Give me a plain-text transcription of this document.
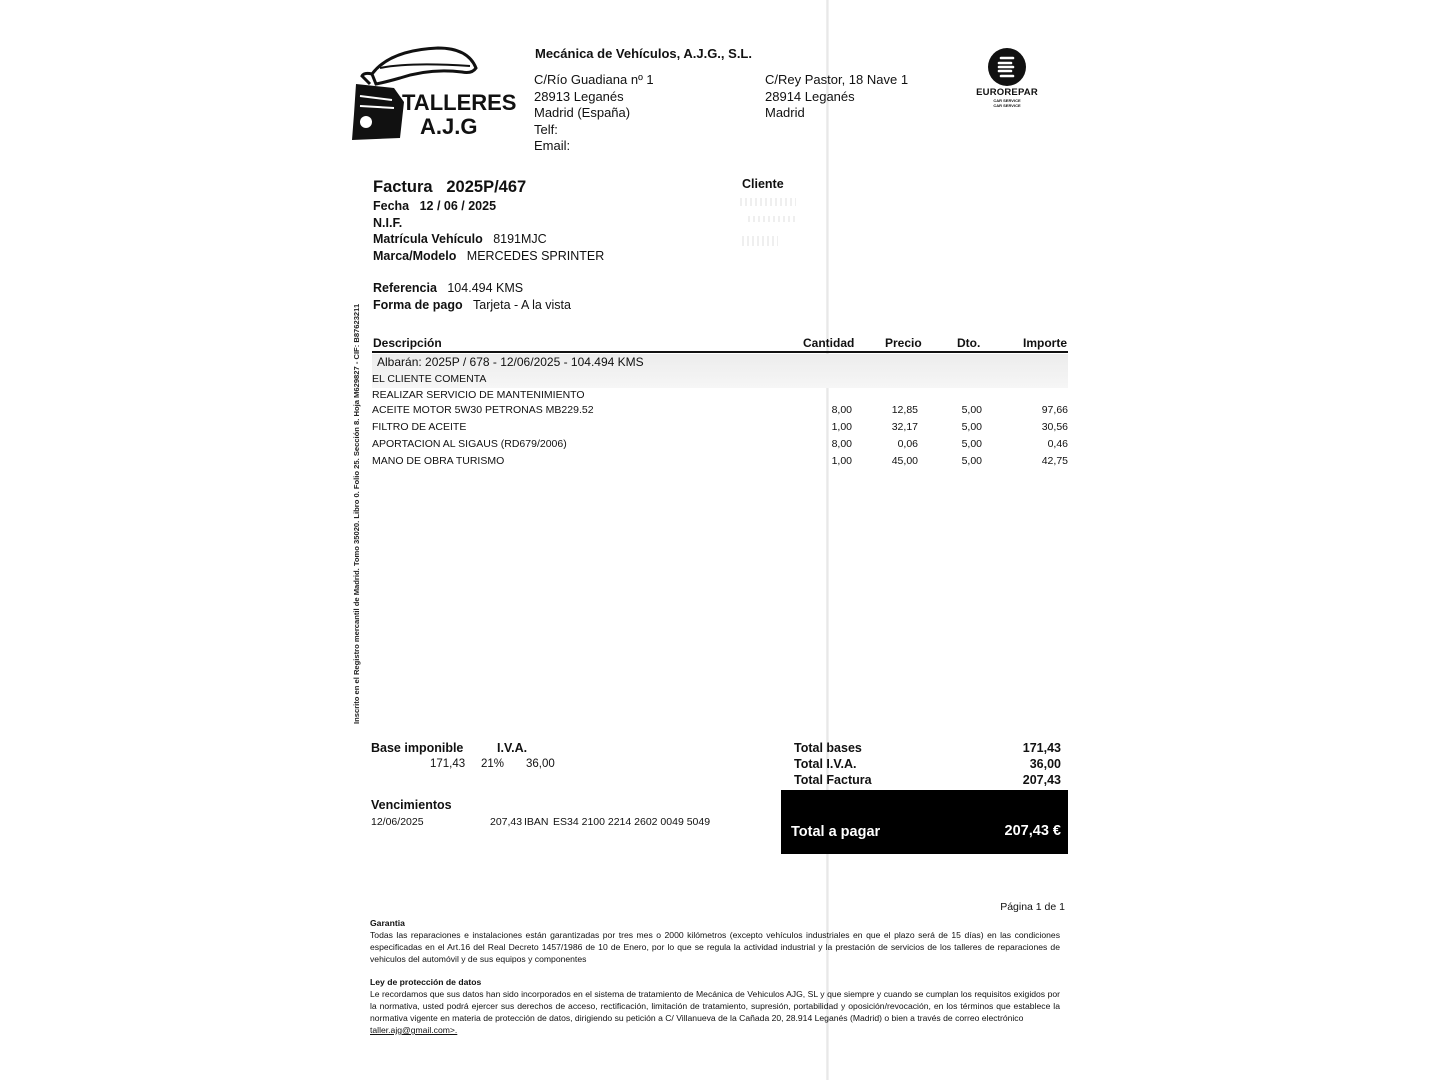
TALLERES
A.J.G
Mecánica de Vehículos, A.J.G., S.L.
C/Río Guadiana nº 1
28913 Leganés
Madrid (España)
Telf:
Email:
C/Rey Pastor, 18 Nave 1
28914 Leganés
Madrid
EUROREPAR
CAR SERVICE
CAR SERVICE
Factura 2025P/467
Fecha 12 / 06 / 2025
N.I.F.
Matrícula Vehículo 8191MJC
Marca/Modelo MERCEDES SPRINTER
Referencia 104.494 KMS
Forma de pago Tarjeta - A la vista
Cliente
Inscrito en el Registro mercantil de Madrid. Tomo 35020. Libro 0. Folio 25. Sección 8. Hoja M629827 - CIF: B87623211 Descripción	Cantidad	Precio	Dto.	Importe
Albarán: 2025P / 678 - 12/06/2025 - 104.494 KMS
EL CLIENTE COMENTA
REALIZAR SERVICIO DE MANTENIMIENTO
ACEITE MOTOR 5W30 PETRONAS MB229.52	8,00	12,85	5,00	97,66
FILTRO DE ACEITE	1,00	32,17	5,00	30,56
APORTACION AL SIGAUS (RD679/2006)	8,00	0,06	5,00	0,46
MANO DE OBRA TURISMO	1,00	45,00	5,00	42,75
Base imponible	I.V.A.
171,43 21% 36,00
Vencimientos
12/06/2025	207,43 IBAN ES34 2100 2214 2602 0049 5049
Total bases	171,43
Total I.V.A.	36,00
Total Factura	207,43
Total a pagar	207,43 €
Página 1 de 1
Garantia
Todas las reparaciones e instalaciones están garantizadas por tres mes o 2000 kilómetros (excepto vehículos industriales en que el plazo será de 15 días) en las condiciones especificadas en el Art.16 del Real Decreto 1457/1986 de 10 de Enero, por lo que se regula la actividad industrial y la prestación de servicios de los talleres de reparaciones de vehiculos del automóvil y de sus equipos y componentes
Ley de protección de datos
Le recordamos que sus datos han sido incorporados en el sistema de tratamiento de Mecánica de Vehiculos AJG, SL y que siempre y cuando se cumplan los requisitos exigidos por la normativa, usted podrá ejercer sus derechos de acceso, rectificación, limitación de tratamiento, supresión, portabilidad y oposición/revocación, en los términos que establece la normativa vigente en materia de protección de datos, dirigiendo su petición a C/ Villanueva de la Cañada 20, 28.914 Leganés (Madrid) o bien a través de correo electrónico
taller.ajg@gmail.com>.
